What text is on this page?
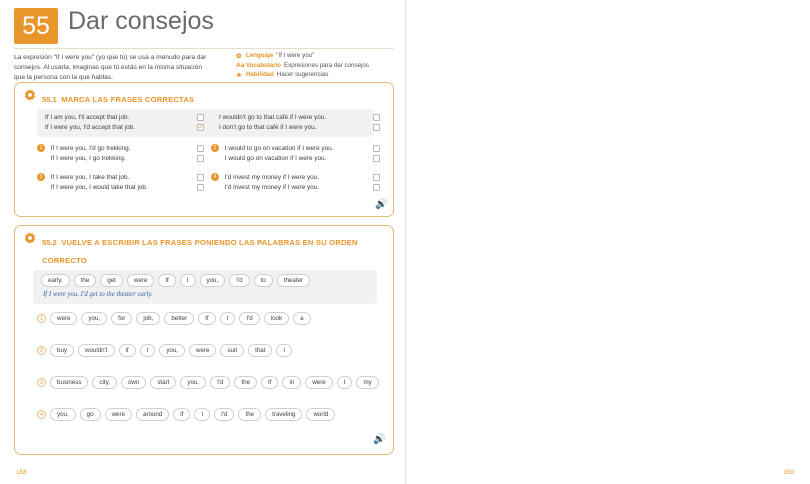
55 Dar consejos
La expresión "If I were you" (yo que tú) se usa a menudo para dar consejos. Al usarla, imaginas que tú estás en la misma situación que la persona con la que hablas.
✿ Lenguaje "If I were you"
Aa Vocabulario Expresiones para dar consejos
★ Habilidad Hacer sugerencias
55.1 MARCA LAS FRASES CORRECTAS
If I am you, I'll accept that job.
If I were you, I'd accept that job.	✓
1 If I were you, I'd go trekking.
If I were you, I go trekking.
3 If I were you, I take that job.
If I were you, I would take that job.
I wouldn't go to that café if I were you.
I don't go to that café if I were you.
2 I would to go on vacation if I were you.
I would go on vacation if I were you.
4 I'd invest my money if I were you.
I'd invest my money if I were you.
🔊
55.2 VUELVE A ESCRIBIR LAS FRASES PONIENDO LAS PALABRAS EN SU ORDEN CORRECTO
early.	the	get	were	If	I	you,	I'd	to	theater
If I were you, I'd get to the theater early.
1	were	you,	for	job,	better	If	I	I'd	look	a
2	buy	wouldn't	if	I	you,	were	suit	that	I
3	business	city,	own	start	you,	I'd	the	If	in	were	I	my
4	you,	go	were	around	if	I	I'd	the	traveling	world
🔊
158	159
